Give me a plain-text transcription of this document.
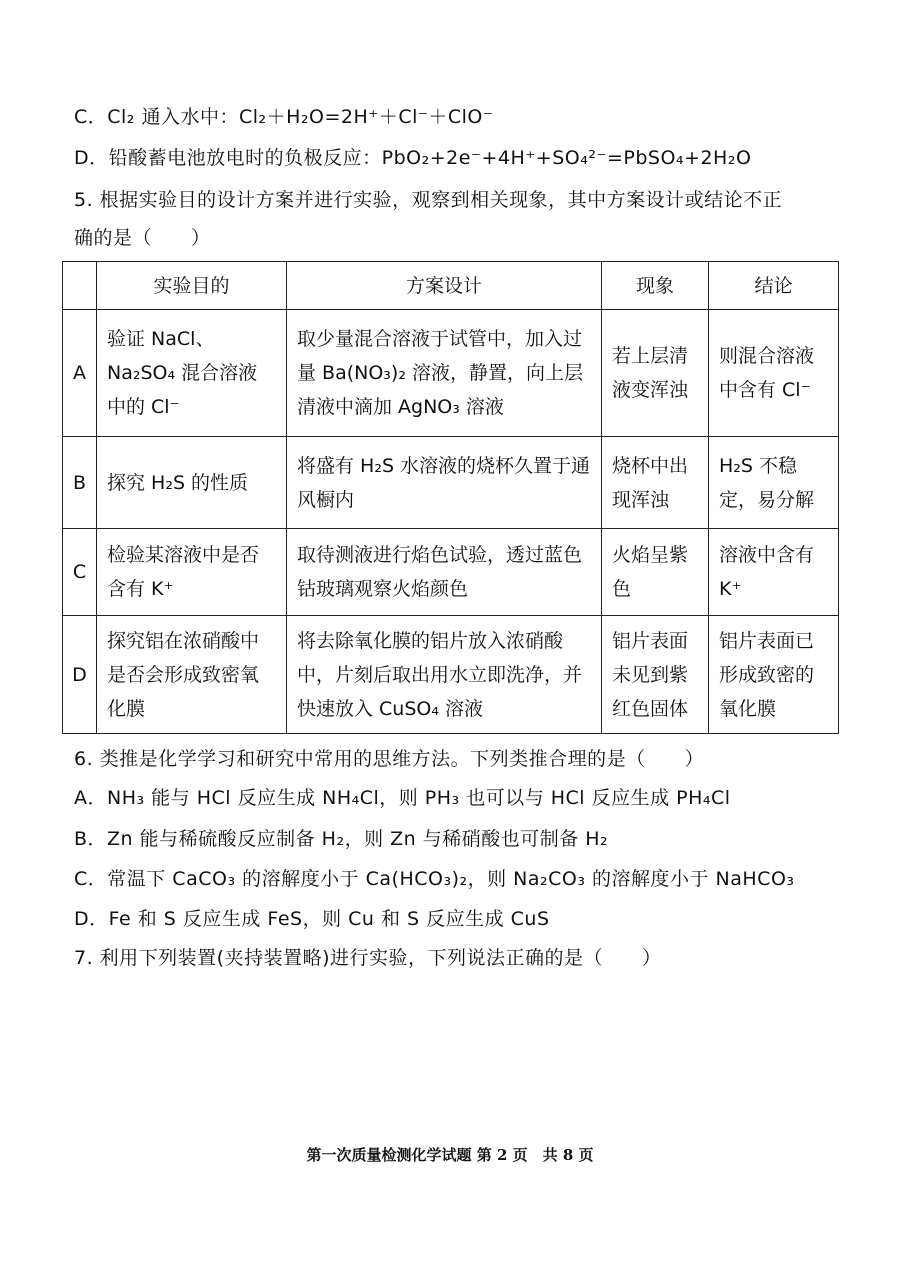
C．Cl₂ 通入水中：Cl₂＋H₂O=2H⁺＋Cl⁻＋ClO⁻
D．铅酸蓄电池放电时的负极反应：PbO₂+2e⁻+4H⁺+SO₄²⁻=PbSO₄+2H₂O
5. 根据实验目的设计方案并进行实验，观察到相关现象，其中方案设计或结论不正
确的是（　　）
	实验目的	方案设计	现象	结论
A	验证 NaCl、Na₂SO₄ 混合溶液中的 Cl⁻	取少量混合溶液于试管中，加入过量 Ba(NO₃)₂ 溶液，静置，向上层清液中滴加 AgNO₃ 溶液	若上层清液变浑浊	则混合溶液中含有 Cl⁻
B	探究 H₂S 的性质	将盛有 H₂S 水溶液的烧杯久置于通风橱内	烧杯中出现浑浊	H₂S 不稳定，易分解
C	检验某溶液中是否含有 K⁺	取待测液进行焰色试验，透过蓝色钴玻璃观察火焰颜色	火焰呈紫色	溶液中含有 K⁺
D	探究铝在浓硝酸中是否会形成致密氧化膜	将去除氧化膜的铝片放入浓硝酸中，片刻后取出用水立即洗净，并快速放入 CuSO₄ 溶液	铝片表面未见到紫红色固体	铝片表面已形成致密的氧化膜
6. 类推是化学学习和研究中常用的思维方法。下列类推合理的是（　　）
A．NH₃ 能与 HCl 反应生成 NH₄Cl，则 PH₃ 也可以与 HCl 反应生成 PH₄Cl
B．Zn 能与稀硫酸反应制备 H₂，则 Zn 与稀硝酸也可制备 H₂
C．常温下 CaCO₃ 的溶解度小于 Ca(HCO₃)₂，则 Na₂CO₃ 的溶解度小于 NaHCO₃
D．Fe 和 S 反应生成 FeS，则 Cu 和 S 反应生成 CuS
7. 利用下列装置(夹持装置略)进行实验，下列说法正确的是（　　）
第一次质量检测化学试题 第 2 页　共 8 页
